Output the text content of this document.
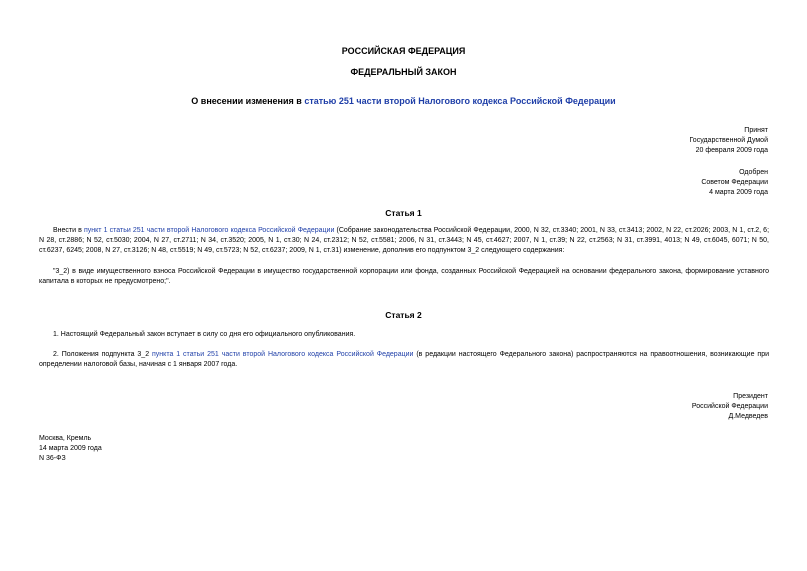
РОССИЙСКАЯ ФЕДЕРАЦИЯ
ФЕДЕРАЛЬНЫЙ ЗАКОН
О внесении изменения в статью 251 части второй Налогового кодекса Российской Федерации
Принят
Государственной Думой
20 февраля 2009 года
Одобрен
Советом Федерации
4 марта 2009 года
Статья 1
Внести в пункт 1 статьи 251 части второй Налогового кодекса Российской Федерации (Собрание законодательства Российской Федерации, 2000, N 32, ст.3340; 2001, N 33, ст.3413; 2002, N 22, ст.2026; 2003, N 1, ст.2, 6; N 28, ст.2886; N 52, ст.5030; 2004, N 27, ст.2711; N 34, ст.3520; 2005, N 1, ст.30; N 24, ст.2312; N 52, ст.5581; 2006, N 31, ст.3443; N 45, ст.4627; 2007, N 1, ст.39; N 22, ст.2563; N 31, ст.3991, 4013; N 49, ст.6045, 6071; N 50, ст.6237, 6245; 2008, N 27, ст.3126; N 48, ст.5519; N 49, ст.5723; N 52, ст.6237; 2009, N 1, ст.31) изменение, дополнив его подпунктом 3_2 следующего содержания:
"3_2) в виде имущественного взноса Российской Федерации в имущество государственной корпорации или фонда, созданных Российской Федерацией на основании федерального закона, формирование уставного капитала в которых не предусмотрено;".
Статья 2
1. Настоящий Федеральный закон вступает в силу со дня его официального опубликования.
2. Положения подпункта 3_2 пункта 1 статьи 251 части второй Налогового кодекса Российской Федерации (в редакции настоящего Федерального закона) распространяются на правоотношения, возникающие при определении налоговой базы, начиная с 1 января 2007 года.
Президент
Российской Федерации
Д.Медведев
Москва, Кремль
14 марта 2009 года
N 36-ФЗ
